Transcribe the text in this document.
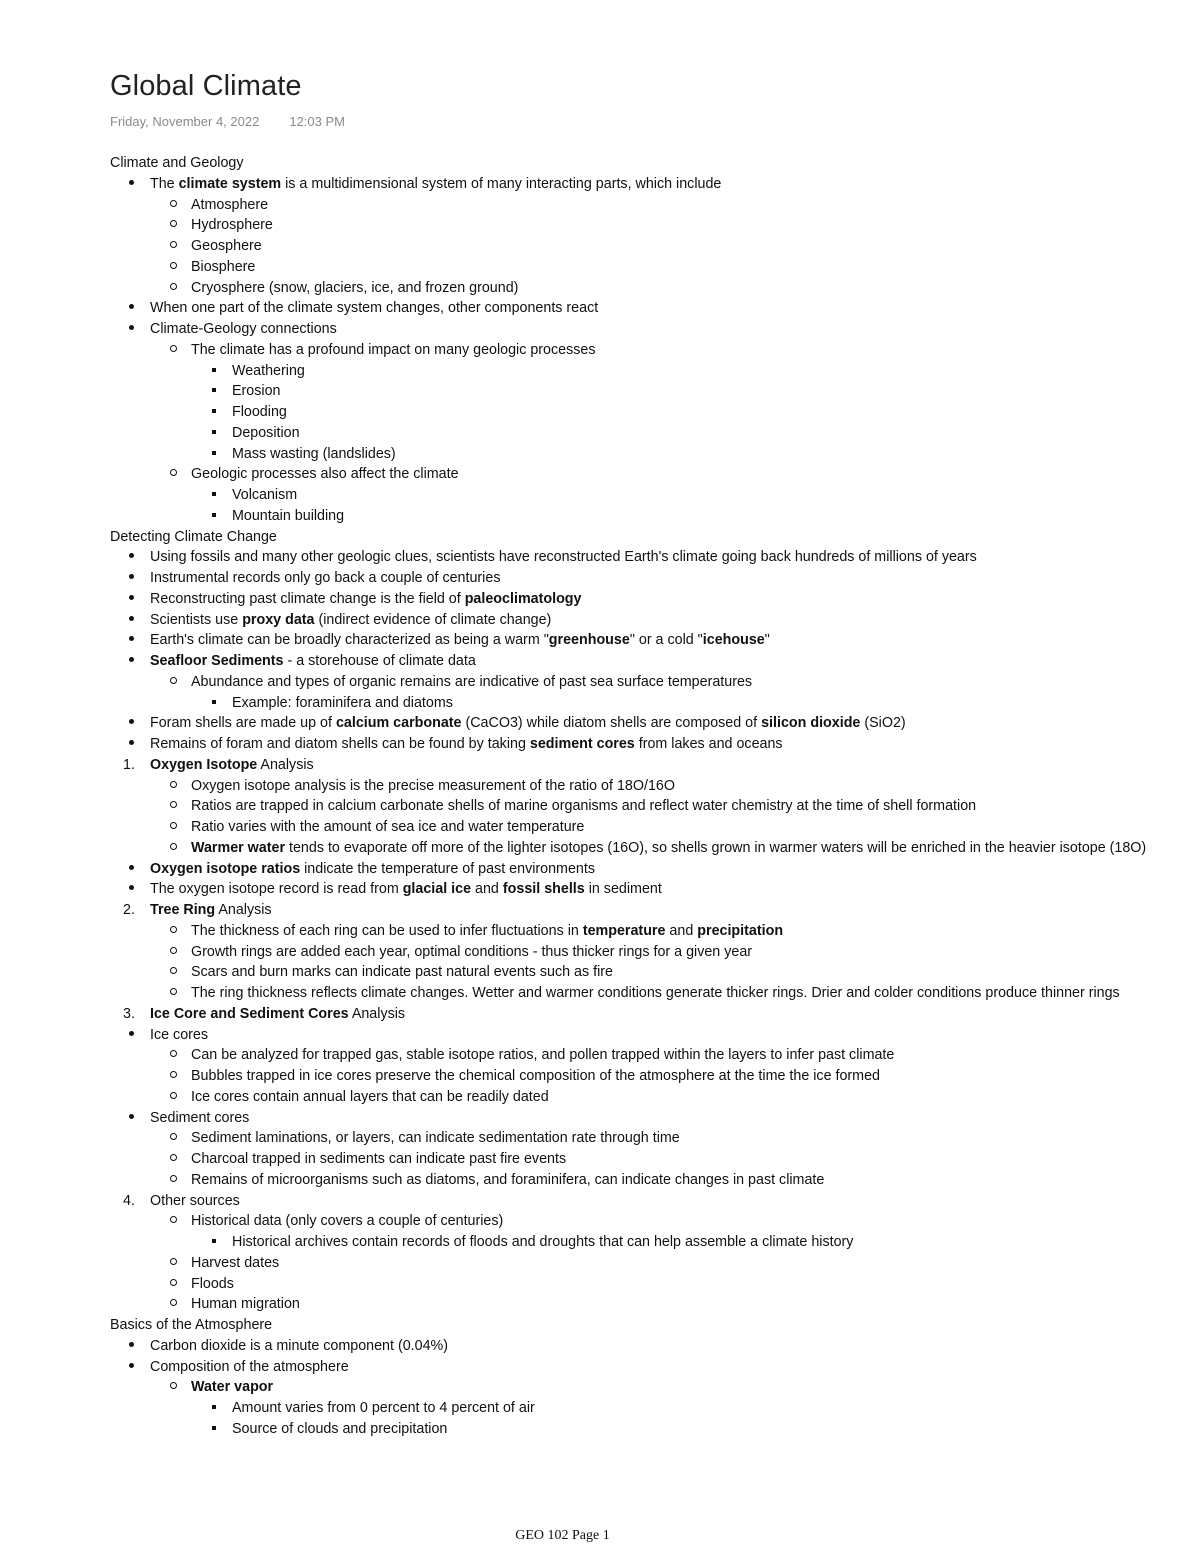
Global Climate
Friday, November 4, 2022 12:03 PM
Climate and Geology
The climate system is a multidimensional system of many interacting parts, which include
Atmosphere
Hydrosphere
Geosphere
Biosphere
Cryosphere (snow, glaciers, ice, and frozen ground)
When one part of the climate system changes, other components react
Climate-Geology connections
The climate has a profound impact on many geologic processes
Weathering
Erosion
Flooding
Deposition
Mass wasting (landslides)
Geologic processes also affect the climate
Volcanism
Mountain building
Detecting Climate Change
Using fossils and many other geologic clues, scientists have reconstructed Earth's climate going back hundreds of millions of years
Instrumental records only go back a couple of centuries
Reconstructing past climate change is the field of paleoclimatology
Scientists use proxy data (indirect evidence of climate change)
Earth's climate can be broadly characterized as being a warm "greenhouse" or a cold "icehouse"
Seafloor Sediments - a storehouse of climate data
Abundance and types of organic remains are indicative of past sea surface temperatures
Example: foraminifera and diatoms
Foram shells are made up of calcium carbonate (CaCO3) while diatom shells are composed of silicon dioxide (SiO2)
Remains of foram and diatom shells can be found by taking sediment cores from lakes and oceans
1. Oxygen Isotope Analysis
Oxygen isotope analysis is the precise measurement of the ratio of 18O/16O
Ratios are trapped in calcium carbonate shells of marine organisms and reflect water chemistry at the time of shell formation
Ratio varies with the amount of sea ice and water temperature
Warmer water tends to evaporate off more of the lighter isotopes (16O), so shells grown in warmer waters will be enriched in the heavier isotope (18O)
Oxygen isotope ratios indicate the temperature of past environments
The oxygen isotope record is read from glacial ice and fossil shells in sediment
2. Tree Ring Analysis
The thickness of each ring can be used to infer fluctuations in temperature and precipitation
Growth rings are added each year, optimal conditions - thus thicker rings for a given year
Scars and burn marks can indicate past natural events such as fire
The ring thickness reflects climate changes. Wetter and warmer conditions generate thicker rings. Drier and colder conditions produce thinner rings
3. Ice Core and Sediment Cores Analysis
Ice cores
Can be analyzed for trapped gas, stable isotope ratios, and pollen trapped within the layers to infer past climate
Bubbles trapped in ice cores preserve the chemical composition of the atmosphere at the time the ice formed
Ice cores contain annual layers that can be readily dated
Sediment cores
Sediment laminations, or layers, can indicate sedimentation rate through time
Charcoal trapped in sediments can indicate past fire events
Remains of microorganisms such as diatoms, and foraminifera, can indicate changes in past climate
4. Other sources
Historical data (only covers a couple of centuries)
Historical archives contain records of floods and droughts that can help assemble a climate history
Harvest dates
Floods
Human migration
Basics of the Atmosphere
Carbon dioxide is a minute component (0.04%)
Composition of the atmosphere
Water vapor
Amount varies from 0 percent to 4 percent of air
Source of clouds and precipitation
GEO 102 Page 1
